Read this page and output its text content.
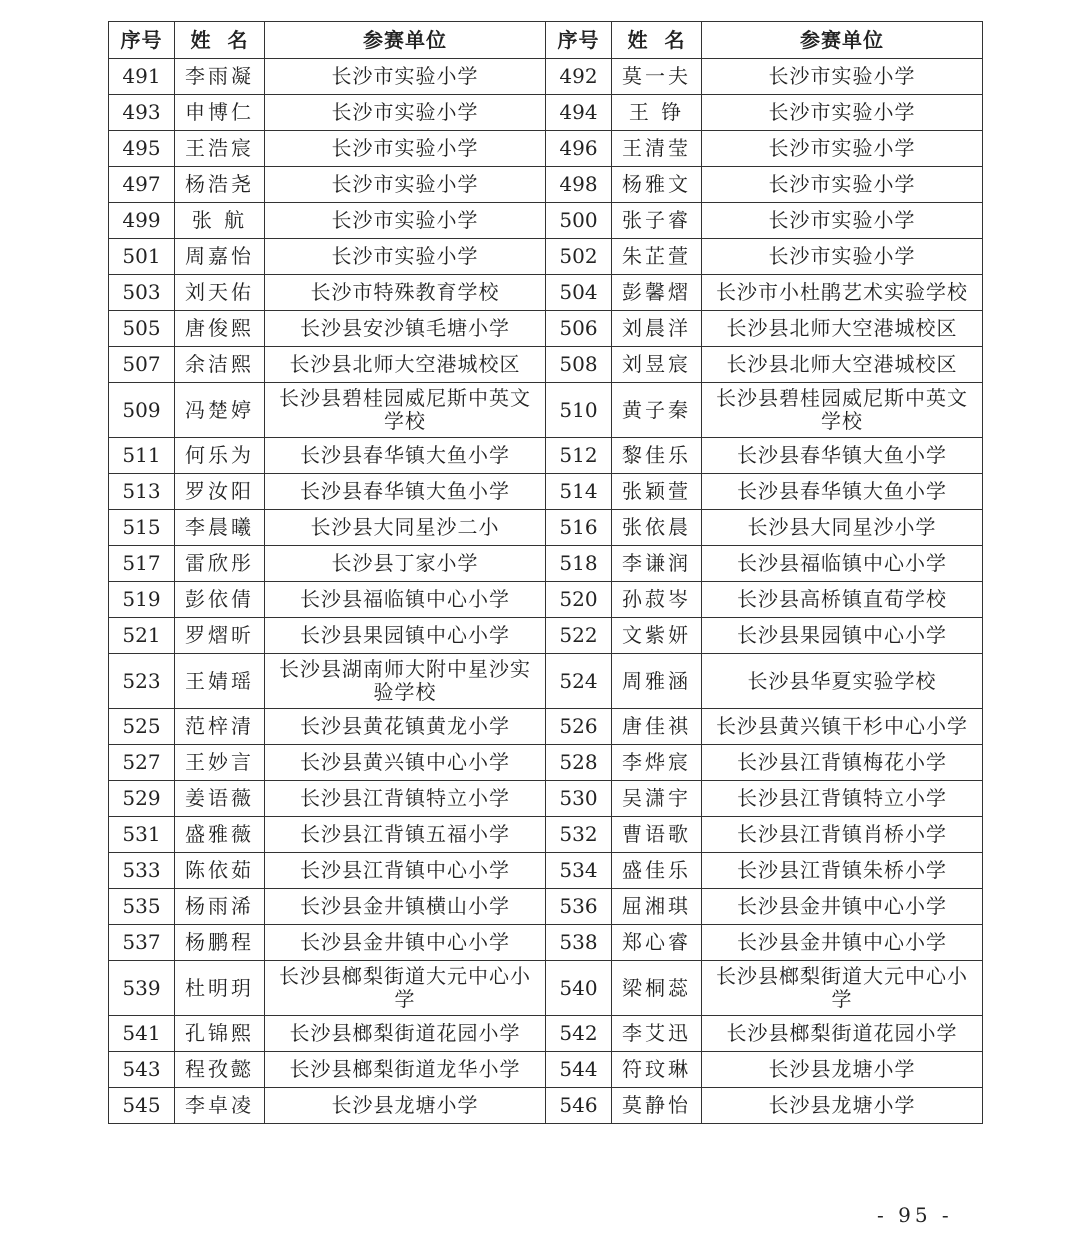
序号	姓  名	参赛单位	序号	姓  名	参赛单位
491	李雨凝	长沙市实验小学	492	莫一夫	长沙市实验小学
493	申博仁	长沙市实验小学	494	王 铮	长沙市实验小学
495	王浩宸	长沙市实验小学	496	王清莹	长沙市实验小学
497	杨浩尧	长沙市实验小学	498	杨雅文	长沙市实验小学
499	张 航	长沙市实验小学	500	张子睿	长沙市实验小学
501	周嘉怡	长沙市实验小学	502	朱芷萱	长沙市实验小学
503	刘天佑	长沙市特殊教育学校	504	彭馨熠	长沙市小杜鹃艺术实验学校
505	唐俊熙	长沙县安沙镇毛塘小学	506	刘晨洋	长沙县北师大空港城校区
507	余洁熙	长沙县北师大空港城校区	508	刘昱宸	长沙县北师大空港城校区
509	冯楚婷	长沙县碧桂园威尼斯中英文学校	510	黄子秦	长沙县碧桂园威尼斯中英文学校
511	何乐为	长沙县春华镇大鱼小学	512	黎佳乐	长沙县春华镇大鱼小学
513	罗汝阳	长沙县春华镇大鱼小学	514	张颖萱	长沙县春华镇大鱼小学
515	李晨曦	长沙县大同星沙二小	516	张依晨	长沙县大同星沙小学
517	雷欣彤	长沙县丁家小学	518	李谦润	长沙县福临镇中心小学
519	彭依倩	长沙县福临镇中心小学	520	孙菽岑	长沙县高桥镇直荀学校
521	罗熠昕	长沙县果园镇中心小学	522	文紫妍	长沙县果园镇中心小学
523	王婧瑶	长沙县湖南师大附中星沙实验学校	524	周雅涵	长沙县华夏实验学校
525	范梓清	长沙县黄花镇黄龙小学	526	唐佳祺	长沙县黄兴镇干杉中心小学
527	王妙言	长沙县黄兴镇中心小学	528	李烨宸	长沙县江背镇梅花小学
529	姜语薇	长沙县江背镇特立小学	530	吴潇宇	长沙县江背镇特立小学
531	盛雅薇	长沙县江背镇五福小学	532	曹语歌	长沙县江背镇肖桥小学
533	陈依茹	长沙县江背镇中心小学	534	盛佳乐	长沙县江背镇朱桥小学
535	杨雨浠	长沙县金井镇横山小学	536	屈湘琪	长沙县金井镇中心小学
537	杨鹏程	长沙县金井镇中心小学	538	郑心睿	长沙县金井镇中心小学
539	杜明玥	长沙县榔梨街道大元中心小学	540	梁桐蕊	长沙县榔梨街道大元中心小学
541	孔锦熙	长沙县榔梨街道花园小学	542	李艾迅	长沙县榔梨街道花园小学
543	程孜懿	长沙县榔梨街道龙华小学	544	符玟琳	长沙县龙塘小学
545	李卓凌	长沙县龙塘小学	546	莫静怡	长沙县龙塘小学
- 95 -
